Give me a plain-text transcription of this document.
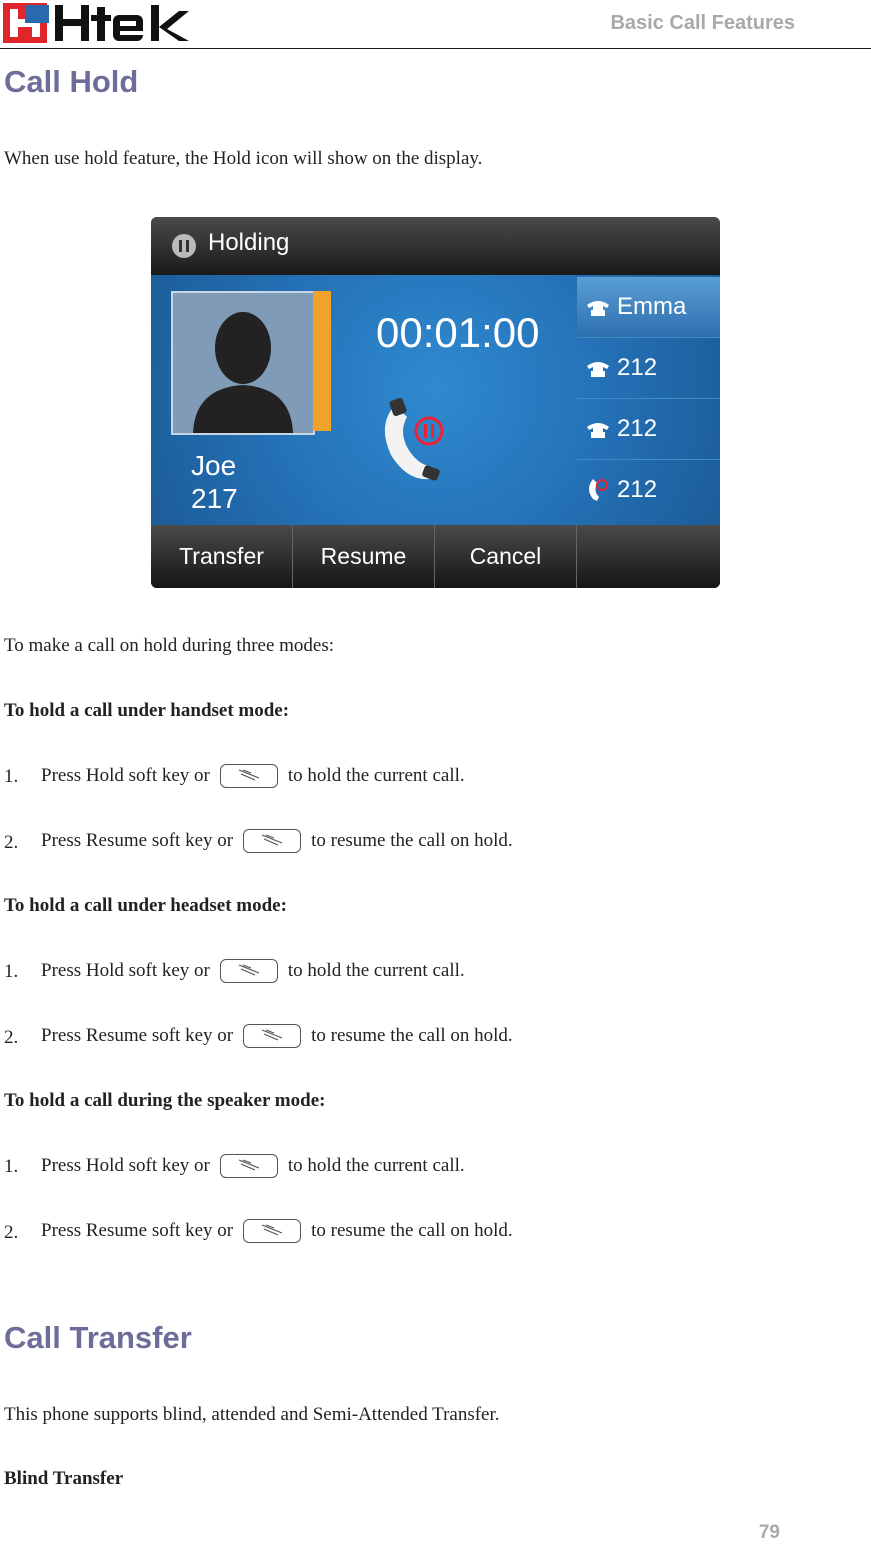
Basic Call Features
Call Hold
When use hold feature, the Hold icon will show on the display.
Holding
Joe
217
00:01:00
Emma
212
212
212
Transfer	Resume	Cancel
To make a call on hold during three modes:
To hold a call under handset mode:
1. Press Hold soft key or	to hold the current call.
2. Press Resume soft key or	to resume the call on hold.
To hold a call under headset mode:
1. Press Hold soft key or	to hold the current call.
2. Press Resume soft key or	to resume the call on hold.
To hold a call during the speaker mode:
1. Press Hold soft key or	to hold the current call.
2. Press Resume soft key or	to resume the call on hold.
Call Transfer
This phone supports blind, attended and Semi-Attended Transfer.
Blind Transfer
79
